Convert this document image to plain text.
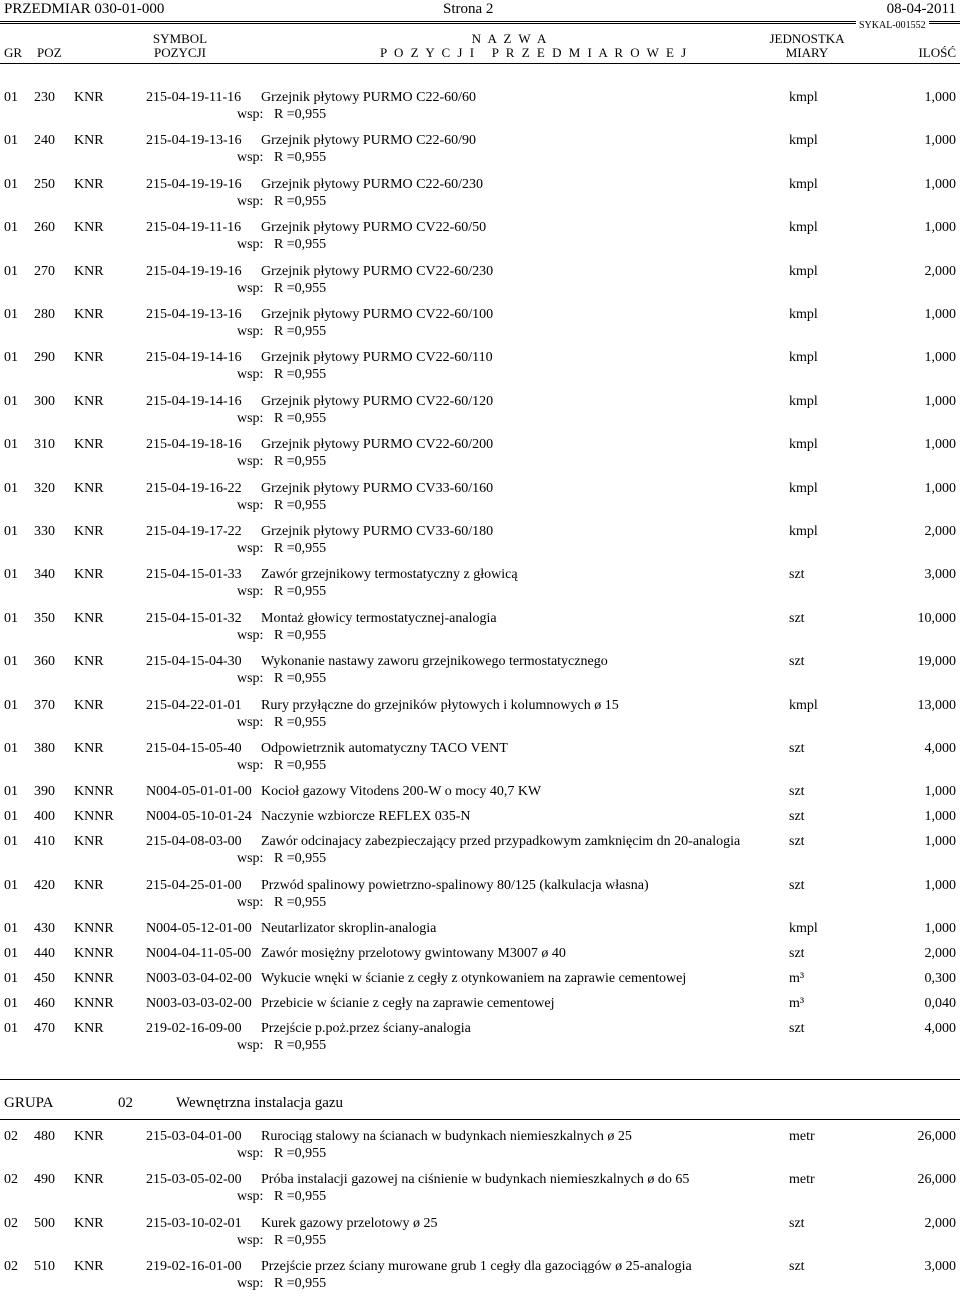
PRZEDMIAR 030-01-000	Strona 2	08-04-2011
SYKAL-001552
GR POZ
SYMBOL
POZYCJI
N A Z W A
P O Z Y C J I   P R Z E D M I A R O W E J
JEDNOSTKA
MIARY	ILOŚĆ
01 230 KNR	215-04-19-11-16 Grzejnik płytowy PURMO C22-60/60	kmpl	1,000
wsp:   R =0,955
01 240 KNR	215-04-19-13-16 Grzejnik płytowy PURMO C22-60/90	kmpl	1,000
wsp:   R =0,955
01 250 KNR	215-04-19-19-16 Grzejnik płytowy PURMO C22-60/230	kmpl	1,000
wsp:   R =0,955
01 260 KNR	215-04-19-11-16 Grzejnik płytowy PURMO CV22-60/50	kmpl	1,000
wsp:   R =0,955
01 270 KNR	215-04-19-19-16 Grzejnik płytowy PURMO CV22-60/230	kmpl	2,000
wsp:   R =0,955
01 280 KNR	215-04-19-13-16 Grzejnik płytowy PURMO CV22-60/100	kmpl	1,000
wsp:   R =0,955
01 290 KNR	215-04-19-14-16 Grzejnik płytowy PURMO CV22-60/110	kmpl	1,000
wsp:   R =0,955
01 300 KNR	215-04-19-14-16 Grzejnik płytowy PURMO CV22-60/120	kmpl	1,000
wsp:   R =0,955
01 310 KNR	215-04-19-18-16 Grzejnik płytowy PURMO CV22-60/200	kmpl	1,000
wsp:   R =0,955
01 320 KNR	215-04-19-16-22 Grzejnik płytowy PURMO CV33-60/160	kmpl	1,000
wsp:   R =0,955
01 330 KNR	215-04-19-17-22 Grzejnik płytowy PURMO CV33-60/180	kmpl	2,000
wsp:   R =0,955
01 340 KNR	215-04-15-01-33 Zawór grzejnikowy termostatyczny z głowicą	szt	3,000
wsp:   R =0,955
01 350 KNR	215-04-15-01-32 Montaż głowicy termostatycznej-analogia	szt	10,000
wsp:   R =0,955
01 360 KNR	215-04-15-04-30 Wykonanie nastawy zaworu grzejnikowego termostatycznego	szt	19,000
wsp:   R =0,955
01 370 KNR	215-04-22-01-01 Rury przyłączne do grzejników płytowych i kolumnowych ø 15	kmpl	13,000
wsp:   R =0,955
01 380 KNR	215-04-15-05-40 Odpowietrznik automatyczny TACO VENT	szt	4,000
wsp:   R =0,955
01 390 KNNR N004-05-01-01-00 Kocioł gazowy Vitodens 200-W o mocy 40,7 KW	szt	1,000
01 400 KNNR N004-05-10-01-24 Naczynie wzbiorcze REFLEX 035-N	szt	1,000
01 410 KNR	215-04-08-03-00 Zawór odcinajacy zabezpieczający przed przypadkowym zamknięcim dn 20-analogia	szt	1,000
wsp:   R =0,955
01 420 KNR	215-04-25-01-00 Przwód spalinowy powietrzno-spalinowy 80/125 (kalkulacja własna)	szt	1,000
wsp:   R =0,955
01 430 KNNR N004-05-12-01-00 Neutarlizator skroplin-analogia	kmpl	1,000
01 440 KNNR N004-04-11-05-00 Zawór mosiężny przelotowy gwintowany M3007 ø 40	szt	2,000
01 450 KNNR N003-03-04-02-00 Wykucie wnęki w ścianie z cegły z otynkowaniem na zaprawie cementowej	m³	0,300
01 460 KNNR N003-03-03-02-00 Przebicie w ścianie z cegły na zaprawie cementowej	m³	0,040
01 470 KNR	219-02-16-09-00 Przejście p.poż.przez ściany-analogia	szt	4,000
wsp:   R =0,955
GRUPA	02	Wewnętrzna instalacja gazu
02 480 KNR	215-03-04-01-00 Rurociąg stalowy na ścianach w budynkach niemieszkalnych ø 25	metr	26,000
wsp:   R =0,955
02 490 KNR	215-03-05-02-00 Próba instalacji gazowej na ciśnienie w budynkach niemieszkalnych ø do 65	metr	26,000
wsp:   R =0,955
02 500 KNR	215-03-10-02-01 Kurek gazowy przelotowy ø 25	szt	2,000
wsp:   R =0,955
02 510 KNR	219-02-16-01-00 Przejście przez ściany murowane grub 1 cegły dla gazociągów ø 25-analogia	szt	3,000
wsp:   R =0,955
